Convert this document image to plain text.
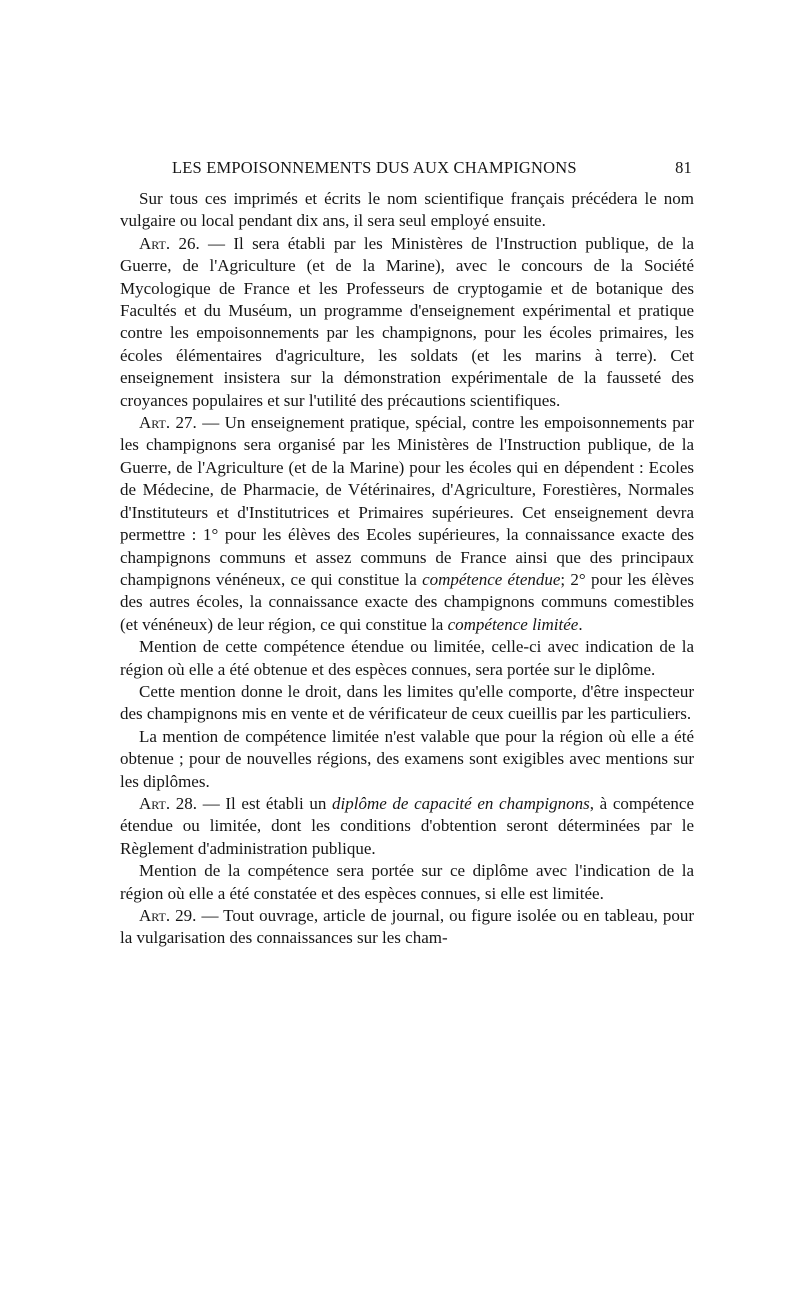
LES EMPOISONNEMENTS DUS AUX CHAMPIGNONS	81

Sur tous ces imprimés et écrits le nom scientifique français précédera le nom vulgaire ou local pendant dix ans, il sera seul employé ensuite.

Art. 26. — Il sera établi par les Ministères de l'Instruction publique, de la Guerre, de l'Agriculture (et de la Marine), avec le concours de la Société Mycologique de France et les Professeurs de cryptogamie et de botanique des Facultés et du Muséum, un programme d'enseignement expérimental et pratique contre les empoisonnements par les champignons, pour les écoles primaires, les écoles élémentaires d'agriculture, les soldats (et les marins à terre). Cet enseignement insistera sur la démonstration expérimentale de la fausseté des croyances populaires et sur l'utilité des précautions scientifiques.

Art. 27. — Un enseignement pratique, spécial, contre les empoisonnements par les champignons sera organisé par les Ministères de l'Instruction publique, de la Guerre, de l'Agriculture (et de la Marine) pour les écoles qui en dépendent : Ecoles de Médecine, de Pharmacie, de Vétérinaires, d'Agriculture, Forestières, Normales d'Instituteurs et d'Institutrices et Primaires supérieures. Cet enseignement devra permettre : 1° pour les élèves des Ecoles supérieures, la connaissance exacte des champignons communs et assez communs de France ainsi que des principaux champignons vénéneux, ce qui constitue la compétence étendue; 2° pour les élèves des autres écoles, la connaissance exacte des champignons communs comestibles (et vénéneux) de leur région, ce qui constitue la compétence limitée.

Mention de cette compétence étendue ou limitée, celle-ci avec indication de la région où elle a été obtenue et des espèces connues, sera portée sur le diplôme.

Cette mention donne le droit, dans les limites qu'elle comporte, d'être inspecteur des champignons mis en vente et de vérificateur de ceux cueillis par les particuliers.

La mention de compétence limitée n'est valable que pour la région où elle a été obtenue ; pour de nouvelles régions, des examens sont exigibles avec mentions sur les diplômes.

Art. 28. — Il est établi un diplôme de capacité en champignons, à compétence étendue ou limitée, dont les conditions d'obtention seront déterminées par le Règlement d'administration publique.

Mention de la compétence sera portée sur ce diplôme avec l'indication de la région où elle a été constatée et des espèces connues, si elle est limitée.

Art. 29. — Tout ouvrage, article de journal, ou figure isolée ou en tableau, pour la vulgarisation des connaissances sur les cham-
